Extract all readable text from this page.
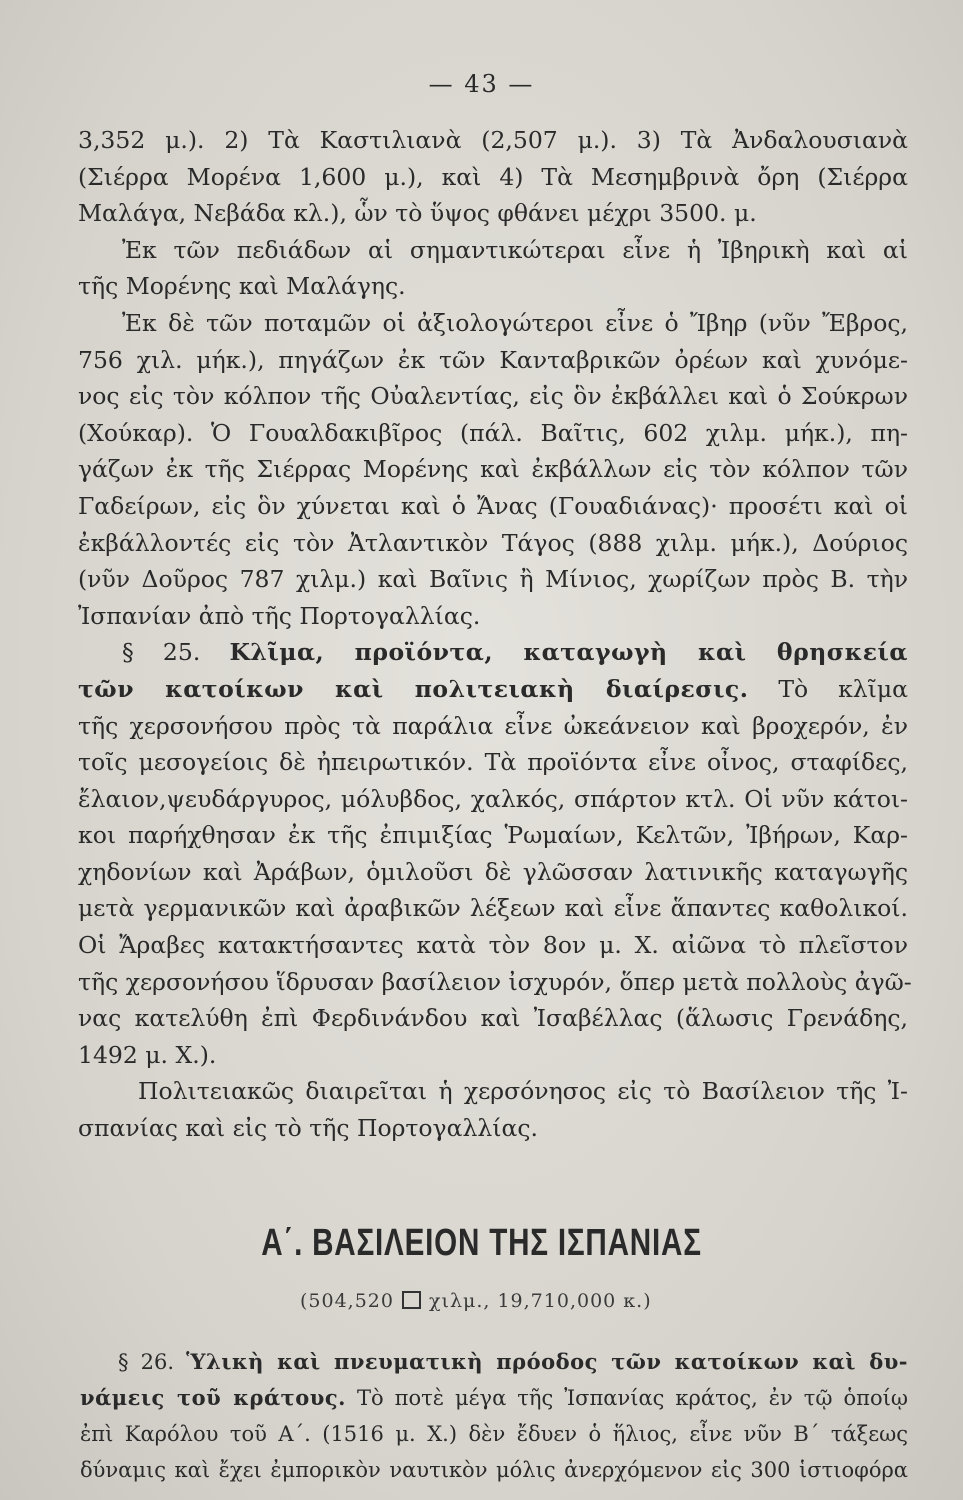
— 43 —
3,352 μ.). 2) Τὰ Καστιλιανὰ (2,507 μ.). 3) Τὰ Ἀνδαλουσιανὰ
(Σιέρρα Μορένα 1,600 μ.), καὶ 4) Τὰ Μεσημβρινὰ ὄρη (Σιέρρα
Μαλάγα, Νεβάδα κλ.), ὧν τὸ ὕψος φθάνει μέχρι 3500. μ.
Ἐκ τῶν πεδιάδων αἱ σημαντικώτεραι εἶνε ἡ Ἰβηρικὴ καὶ αἱ
τῆς Μορένης καὶ Μαλάγης.
Ἐκ δὲ τῶν ποταμῶν οἱ ἀξιολογώτεροι εἶνε ὁ Ἴβηρ (νῦν Ἔβρος,
756 χιλ. μήκ.), πηγάζων ἐκ τῶν Κανταβρικῶν ὀρέων καὶ χυνόμε-
νος εἰς τὸν κόλπον τῆς Οὐαλεντίας, εἰς ὃν ἐκβάλλει καὶ ὁ Σούκρων
(Χούκαρ). Ὁ Γουαλδακιβῖρος (πάλ. Βαῖτις, 602 χιλμ. μήκ.), πη-
γάζων ἐκ τῆς Σιέρρας Μορένης καὶ ἐκβάλλων εἰς τὸν κόλπον τῶν
Γαδείρων, εἰς ὃν χύνεται καὶ ὁ Ἄνας (Γουαδιάνας)· προσέτι καὶ οἱ
ἐκβάλλοντές εἰς τὸν Ἀτλαντικὸν Τάγος (888 χιλμ. μήκ.), Δούριος
(νῦν Δοῦρος 787 χιλμ.) καὶ Βαῖνις ἢ Μίνιος, χωρίζων πρὸς Β. τὴν
Ἰσπανίαν ἀπὸ τῆς Πορτογαλλίας.
§ 25. Κλῖμα, προϊόντα, καταγωγὴ καὶ θρησκεία
τῶν κατοίκων καὶ πολιτειακὴ διαίρεσις. Τὸ κλῖμα
τῆς χερσονήσου πρὸς τὰ παράλια εἶνε ὠκεάνειον καὶ βροχερόν, ἐν
τοῖς μεσογείοις δὲ ἠπειρωτικόν. Τὰ προϊόντα εἶνε οἶνος, σταφίδες,
ἔλαιον,ψευδάργυρος, μόλυβδος, χαλκός, σπάρτον κτλ. Οἱ νῦν κάτοι-
κοι παρήχθησαν ἐκ τῆς ἐπιμιξίας Ῥωμαίων, Κελτῶν, Ἰβήρων, Καρ-
χηδονίων καὶ Ἀράβων, ὁμιλοῦσι δὲ γλῶσσαν λατινικῆς καταγωγῆς
μετὰ γερμανικῶν καὶ ἀραβικῶν λέξεων καὶ εἶνε ἅπαντες καθολικοί.
Οἱ Ἄραβες κατακτήσαντες κατὰ τὸν 8ον μ. Χ. αἰῶνα τὸ πλεῖστον
τῆς χερσονήσου ἵδρυσαν βασίλειον ἰσχυρόν, ὅπερ μετὰ πολλοὺς ἀγῶ-
νας κατελύθη ἐπὶ Φερδινάνδου καὶ Ἰσαβέλλας (ἅλωσις Γρενάδης,
1492 μ. Χ.).
Πολιτειακῶς διαιρεῖται ἡ χερσόνησος εἰς τὸ Βασίλειον τῆς Ἰ-
σπανίας καὶ εἰς τὸ τῆς Πορτογαλλίας.
Α΄. ΒΑΣΙΛΕΙΟΝ ΤΗΣ ΙΣΠΑΝΙΑΣ
(504,520 χιλμ., 19,710,000 κ.)
§ 26. Ὑλικὴ καὶ πνευματικὴ πρόοδος τῶν κατοίκων καὶ δυ-
νάμεις τοῦ κράτους. Τὸ ποτὲ μέγα τῆς Ἰσπανίας κράτος, ἐν τῷ ὁποίῳ
ἐπὶ Καρόλου τοῦ Α΄. (1516 μ. Χ.) δὲν ἔδυεν ὁ ἥλιος, εἶνε νῦν Β΄ τάξεως
δύναμις καὶ ἔχει ἐμπορικὸν ναυτικὸν μόλις ἀνερχόμενον εἰς 300 ἱστιοφόρα
